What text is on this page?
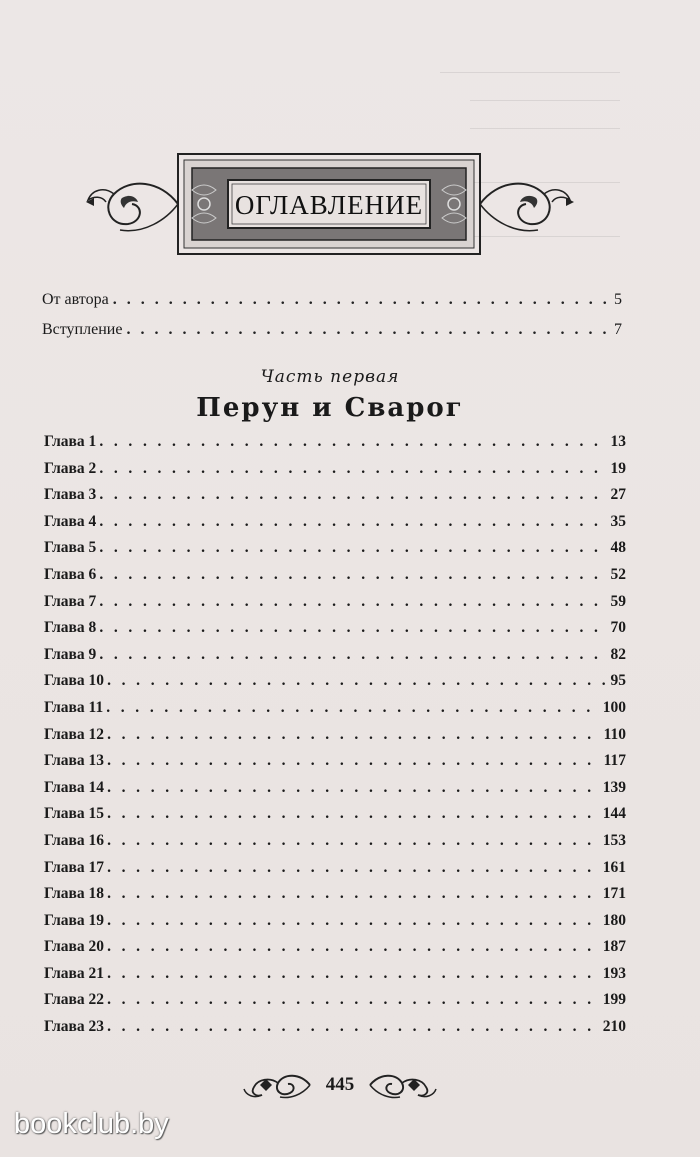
ОГЛАВЛЕНИЕ
От автора . . .	5
Вступление . . .	7
Часть первая
Перун и Сварог
Глава 1 . . .	13
Глава 2 . . .	19
Глава 3 . . .	27
Глава 4 . . .	35
Глава 5 . . .	48
Глава 6 . . .	52
Глава 7 . . .	59
Глава 8 . . .	70
Глава 9 . . .	82
Глава 10 . . .	95
Глава 11 . . .	100
Глава 12 . . .	110
Глава 13 . . .	117
Глава 14 . . .	139
Глава 15 . . .	144
Глава 16 . . .	153
Глава 17 . . .	161
Глава 18 . . .	171
Глава 19 . . .	180
Глава 20 . . .	187
Глава 21 . . .	193
Глава 22 . . .	199
Глава 23 . . .	210
445
bookclub.by
